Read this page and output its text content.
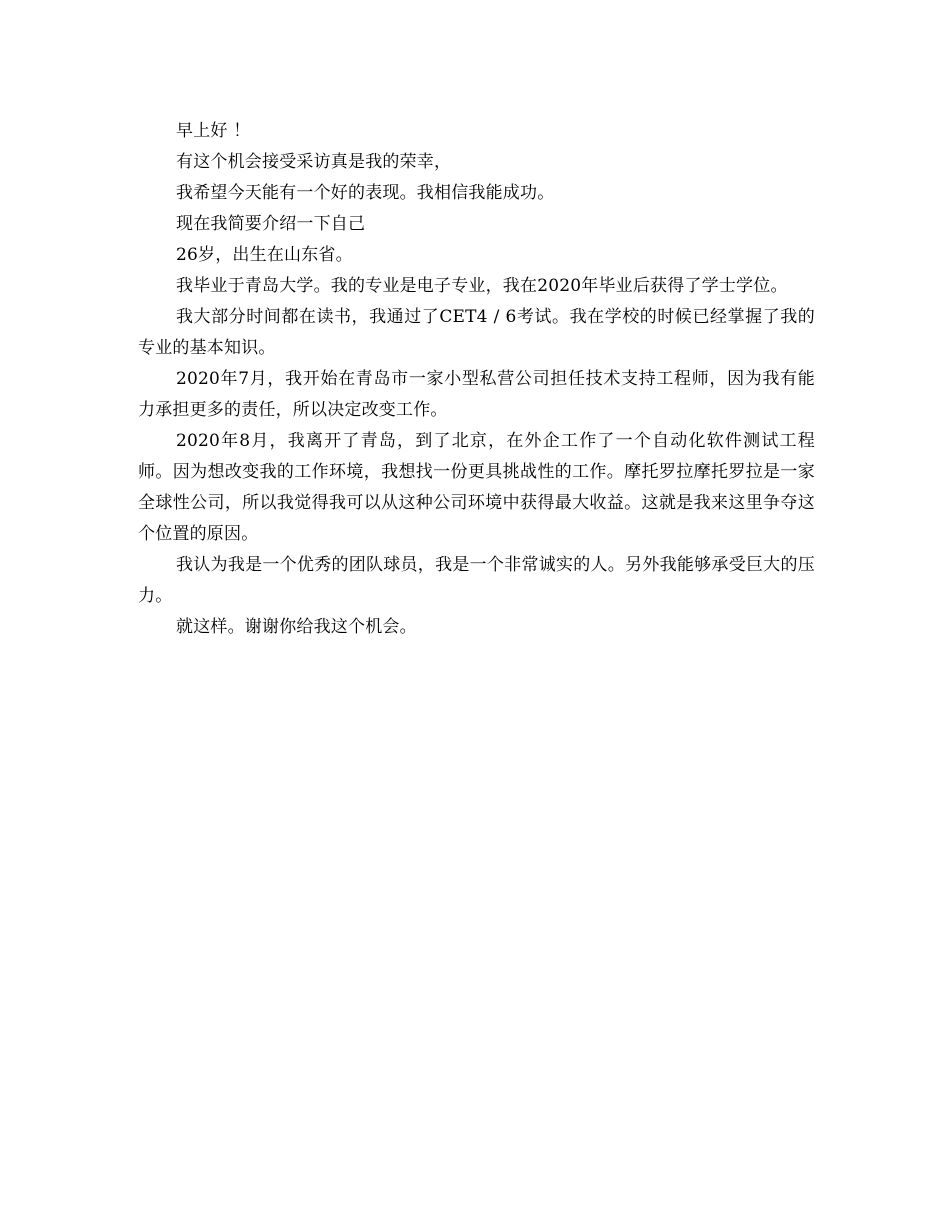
早上好 ！

有这个机会接受采访真是我的荣幸，

我希望今天能有一个好的表现。我相信我能成功。

现在我简要介绍一下自己

26岁，出生在山东省。

我毕业于青岛大学。我的专业是电子专业，我在2020年毕业后获得了学士学位。

我大部分时间都在读书，我通过了CET4 / 6考试。我在学校的时候已经掌握了我的专业的基本知识。

2020年7月，我开始在青岛市一家小型私营公司担任技术支持工程师，因为我有能力承担更多的责任，所以决定改变工作。

2020年8月，我离开了青岛，到了北京，在外企工作了一个自动化软件测试工程师。因为想改变我的工作环境，我想找一份更具挑战性的工作。摩托罗拉摩托罗拉是一家全球性公司，所以我觉得我可以从这种公司环境中获得最大收益。这就是我来这里争夺这个位置的原因。

我认为我是一个优秀的团队球员，我是一个非常诚实的人。另外我能够承受巨大的压力。

就这样。谢谢你给我这个机会。
